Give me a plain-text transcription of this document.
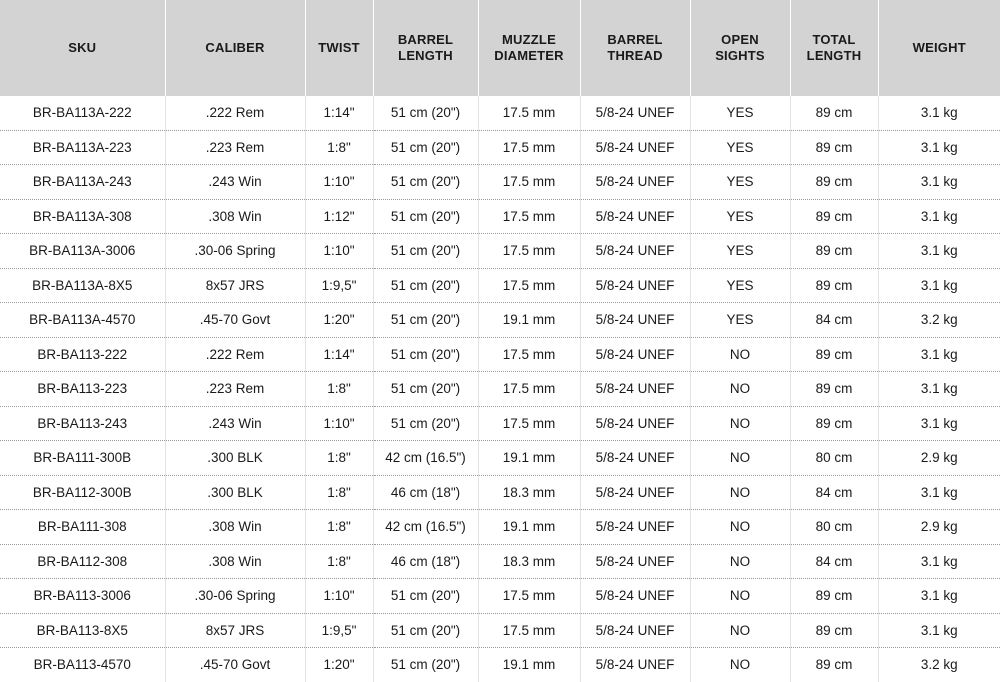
SKU	CALIBER	TWIST	BARREL LENGTH	MUZZLE DIAMETER	BARREL THREAD	OPEN SIGHTS	TOTAL LENGTH	WEIGHT
BR-BA113A-222	.222 Rem	1:14"	51 cm (20")	17.5 mm	5/8-24 UNEF	YES	89 cm	3.1 kg
BR-BA113A-223	.223 Rem	1:8"	51 cm (20")	17.5 mm	5/8-24 UNEF	YES	89 cm	3.1 kg
BR-BA113A-243	.243 Win	1:10"	51 cm (20")	17.5 mm	5/8-24 UNEF	YES	89 cm	3.1 kg
BR-BA113A-308	.308 Win	1:12"	51 cm (20")	17.5 mm	5/8-24 UNEF	YES	89 cm	3.1 kg
BR-BA113A-3006	.30-06 Spring	1:10"	51 cm (20")	17.5 mm	5/8-24 UNEF	YES	89 cm	3.1 kg
BR-BA113A-8X5	8x57 JRS	1:9,5"	51 cm (20")	17.5 mm	5/8-24 UNEF	YES	89 cm	3.1 kg
BR-BA113A-4570	.45-70 Govt	1:20"	51 cm (20")	19.1 mm	5/8-24 UNEF	YES	84 cm	3.2 kg
BR-BA113-222	.222 Rem	1:14"	51 cm (20")	17.5 mm	5/8-24 UNEF	NO	89 cm	3.1 kg
BR-BA113-223	.223 Rem	1:8"	51 cm (20")	17.5 mm	5/8-24 UNEF	NO	89 cm	3.1 kg
BR-BA113-243	.243 Win	1:10"	51 cm (20")	17.5 mm	5/8-24 UNEF	NO	89 cm	3.1 kg
BR-BA111-300B	.300 BLK	1:8"	42 cm (16.5")	19.1 mm	5/8-24 UNEF	NO	80 cm	2.9 kg
BR-BA112-300B	.300 BLK	1:8"	46 cm (18")	18.3 mm	5/8-24 UNEF	NO	84 cm	3.1 kg
BR-BA111-308	.308 Win	1:8"	42 cm (16.5")	19.1 mm	5/8-24 UNEF	NO	80 cm	2.9 kg
BR-BA112-308	.308 Win	1:8"	46 cm (18")	18.3 mm	5/8-24 UNEF	NO	84 cm	3.1 kg
BR-BA113-3006	.30-06 Spring	1:10"	51 cm (20")	17.5 mm	5/8-24 UNEF	NO	89 cm	3.1 kg
BR-BA113-8X5	8x57 JRS	1:9,5"	51 cm (20")	17.5 mm	5/8-24 UNEF	NO	89 cm	3.1 kg
BR-BA113-4570	.45-70 Govt	1:20"	51 cm (20")	19.1 mm	5/8-24 UNEF	NO	89 cm	3.2 kg
